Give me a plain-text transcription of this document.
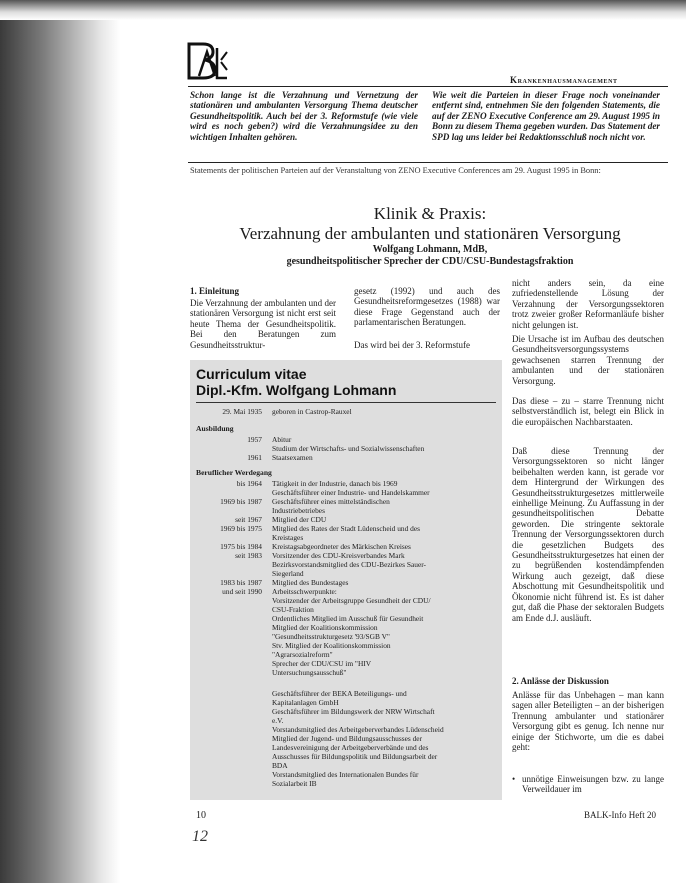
Krankenhausmanagement
Schon lange ist die Verzahnung und Vernetzung der stationären und ambulanten Versorgung Thema deutscher Gesundheitspolitik. Auch bei der 3. Reformstufe (wie viele wird es noch geben?) wird die Verzahnungsidee zu den wichtigen Inhalten gehören.
Wie weit die Parteien in dieser Frage noch voneinander entfernt sind, entnehmen Sie den folgenden Statements, die auf der ZENO Executive Conference am 29. August 1995 in Bonn zu diesem Thema gegeben wurden. Das Statement der SPD lag uns leider bei Redaktionsschluß noch nicht vor.
Statements der politischen Parteien auf der Veranstaltung von ZENO Executive Conferences am 29. August 1995 in Bonn:
Klinik & Praxis:
Verzahnung der ambulanten und stationären Versorgung
Wolfgang Lohmann, MdB,
gesundheitspolitischer Sprecher der CDU/CSU-Bundestagsfraktion
1. Einleitung
Die Verzahnung der ambulanten und der stationären Versorgung ist nicht erst seit heute Thema der Gesundheitspolitik. Bei den Beratungen zum Gesundheitsstruktur-
gesetz (1992) und auch des Gesundheitsreformgesetzes (1988) war diese Frage Gegenstand auch der parlamentarischen Beratungen.
Das wird bei der 3. Reformstufe
nicht anders sein, da eine zufriedenstellende Lösung der Verzahnung der Versorgungssektoren trotz zweier großer Reformanläufe bisher nicht gelungen ist.
Die Ursache ist im Aufbau des deutschen Gesundheitsversorgungssystems gewachsenen starren Trennung der ambulanten und der stationären Versorgung.
Das diese – zu – starre Trennung nicht selbstverständlich ist, belegt ein Blick in die europäischen Nachbarstaaten.
Daß diese Trennung der Versorgungssektoren so nicht länger beibehalten werden kann, ist gerade vor dem Hintergrund der Wirkungen des Gesundheitsstrukturgesetzes mittlerweile einhellige Meinung. Zu Auffassung in der gesundheitspolitischen Debatte geworden. Die stringente sektorale Trennung der Versorgungssektoren durch die gesetzlichen Budgets des Gesundheitsstrukturgesetzes hat einen der zu begrüßenden kostendämpfenden Wirkung auch gezeigt, daß diese Abschottung mit Gesundheitspolitik und Ökonomie nicht führend ist. Es ist daher gut, daß die Phase der sektoralen Budgets am Ende d.J. ausläuft.
2. Anlässe der Diskussion
Anlässe für das Unbehagen – man kann sagen aller Beteiligten – an der bisherigen Trennung ambulanter und stationärer Versorgung gibt es genug. Ich nenne nur einige der Stichworte, um die es dabei geht:
• unnötige Einweisungen bzw. zu lange Verweildauer im
Curriculum vitae
Dipl.-Kfm. Wolfgang Lohmann
29. Mai 1935 geboren in Castrop-Rauxel
Ausbildung
1957 Abitur
Studium der Wirtschafts- und Sozialwissenschaften
1961 Staatsexamen
Beruflicher Werdegang
bis 1964 Tätigkeit in der Industrie, danach bis 1969
Geschäftsführer einer Industrie- und Handelskammer
1969 bis 1987 Geschäftsführer eines mittelständischen
Industriebetriebes
seit 1967 Mitglied der CDU
1969 bis 1975 Mitglied des Rates der Stadt Lüdenscheid und des
Kreistages
1975 bis 1984 Kreistagsabgeordneter des Märkischen Kreises
seit 1983 Vorsitzender des CDU-Kreisverbandes Mark
Bezirksvorstandsmitglied des CDU-Bezirkes Sauer-
Siegerland
1983 bis 1987 Mitglied des Bundestages
und seit 1990 Arbeitsschwerpunkte:
Vorsitzender der Arbeitsgruppe Gesundheit der CDU/
CSU-Fraktion
Ordentliches Mitglied im Ausschuß für Gesundheit
Mitglied der Koalitionskommission
"Gesundheitsstrukturgesetz '93/SGB V"
Stv. Mitglied der Koalitionskommission
"Agrarsozialreform"
Sprecher der CDU/CSU im "HIV
Untersuchungsausschuß"
Geschäftsführer der BEKA Beteiligungs- und
Kapitalanlagen GmbH
Geschäftsführer im Bildungswerk der NRW Wirtschaft
e.V.
Vorstandsmitglied des Arbeitgeberverbandes Lüdenscheid
Mitglied der Jugend- und Bildungsausschusses der
Landesvereinigung der Arbeitgeberverbände und des
Ausschusses für Bildungspolitik und Bildungsarbeit der
BDA
Vorstandsmitglied des Internationalen Bundes für
Sozialarbeit IB
10	BALK-Info Heft 20
12
